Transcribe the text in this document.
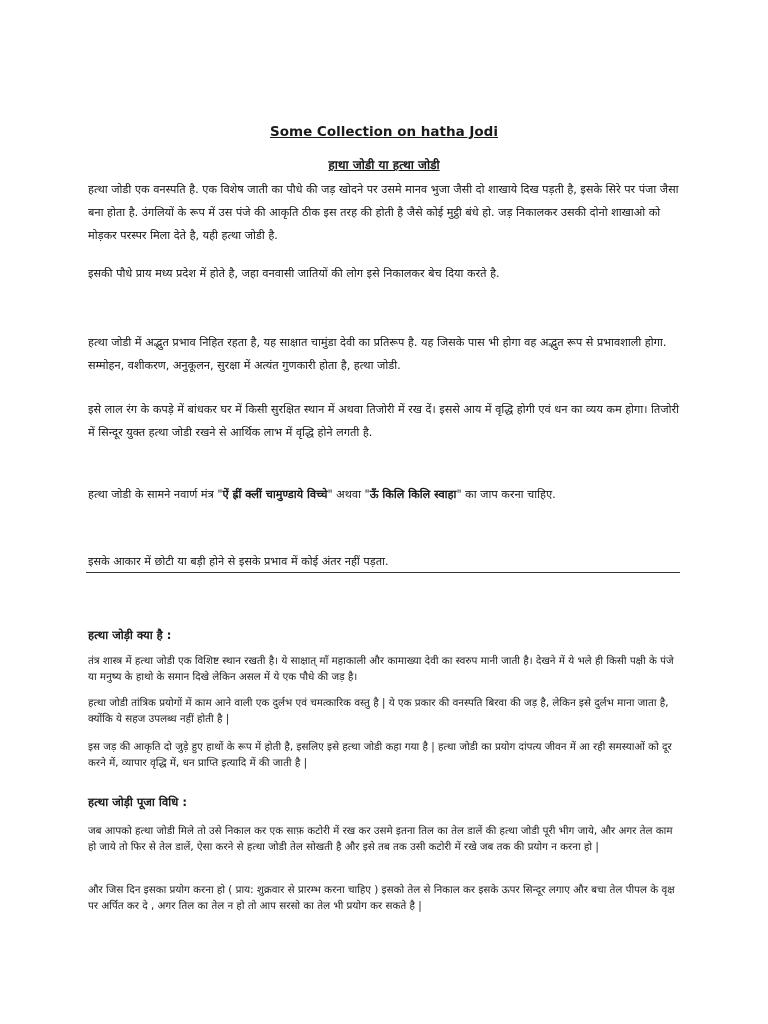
Some Collection on hatha Jodi
हाथा जोडी या हत्था जोडी

हत्था जोडी एक वनस्पति है. एक विशेष जाती का पौधे की जड़ खोदने पर उसमे मानव भुजा जैसी दो शाखाये दिख पड़ती है, इसके सिरे पर पंजा जैसा बना होता है. उंगलियों के रूप में उस पंजे की आकृति ठीक इस तरह की होती है जैसे कोई मुट्ठी बंधे हो. जड़ निकालकर उसकी दोनो शाखाओ को मोड़कर परस्पर मिला देते है, यही हत्था जोडी है.

इसकी पौधे प्राय मध्य प्रदेश में होते है, जहा वनवासी जातियों की लोग इसे निकालकर बेच दिया करते है.

हत्था जोडी में अद्भुत प्रभाव निहित रहता है, यह साक्षात चामुंडा देवी का प्रतिरूप है. यह जिसके पास भी होगा वह अद्भुत रूप से प्रभावशाली होगा. सम्मोहन, वशीकरण, अनुकूलन, सुरक्षा में अत्यंत गुणकारी होता है, हत्था जोडी.

इसे लाल रंग के कपड़े में बांधकर घर में किसी सुरक्षित स्थान में अथवा तिजोरी में रख दें। इससे आय में वृद्धि होगी एवं धन का व्यय कम होगा। तिजोरी में सिन्दूर युक्त हत्था जोडी रखने से आर्थिक लाभ में वृद्धि होने लगती है.

हत्था जोडी के सामने नवार्ण मंत्र "ऐं ह्रीं क्लीं चामुण्डाये विच्चे" अथवा "ऊँ किलि किलि स्वाहा" का जाप करना चाहिए.

इसके आकार में छोटी या बड़ी होने से इसके प्रभाव में कोई अंतर नहीं पड़ता.

हत्था जोड़ी क्या है :

तंत्र शास्त्र में हत्था जोडी एक विशिष्ट स्थान रखती है। ये साक्षात् माँ महाकाली और कामाख्या देवी का स्वरुप मानी जाती है। देखने में ये भले ही किसी पक्षी के पंजे या मनुष्य के हाथो के समान दिखे लेकिन असल में ये एक पौधे की जड़ है।

हत्था जोडी तांत्रिक प्रयोगों में काम आने वाली एक दुर्लभ एवं चमत्कारिक वस्तु है | ये एक प्रकार की वनस्पति बिरवा की जड़ है, लेकिन इसे दुर्लभ माना जाता है, क्योंकि ये सहज उपलब्ध नहीं होती है |

इस जड़ की आकृति दो जुड़े हुए हाथों के रूप में होती है, इसलिए इसे हत्था जोडी कहा गया है | हत्था जोडी का प्रयोग दांपत्य जीवन में आ रही समस्याओं को दूर करने में, व्यापार वृद्धि में, धन प्राप्ति इत्यादि में की जाती है |

हत्था जोड़ी पूजा विधि :

जब आपको हत्था जोडी मिले तो उसे निकाल कर एक साफ़ कटोरी में रख कर उसमे इतना तिल का तेल डालें की हत्था जोडी पूरी भीग जाये, और अगर तेल काम हो जाये तो फिर से तेल डालें, ऐसा करने से हत्था जोडी तेल सोखती है और इसे तब तक उसी कटोरी में रखे जब तक की प्रयोग न करना हो |

और जिस दिन इसका प्रयोग करना हो ( प्राय: शुक्रवार से प्रारम्भ करना चाहिए ) इसको तेल से निकाल कर इसके ऊपर सिन्दूर लगाए और बचा तेल पीपल के वृक्ष पर अर्पित कर दे , अगर तिल का तेल न हो तो आप सरसो का तेल भी प्रयोग कर सकते है |
